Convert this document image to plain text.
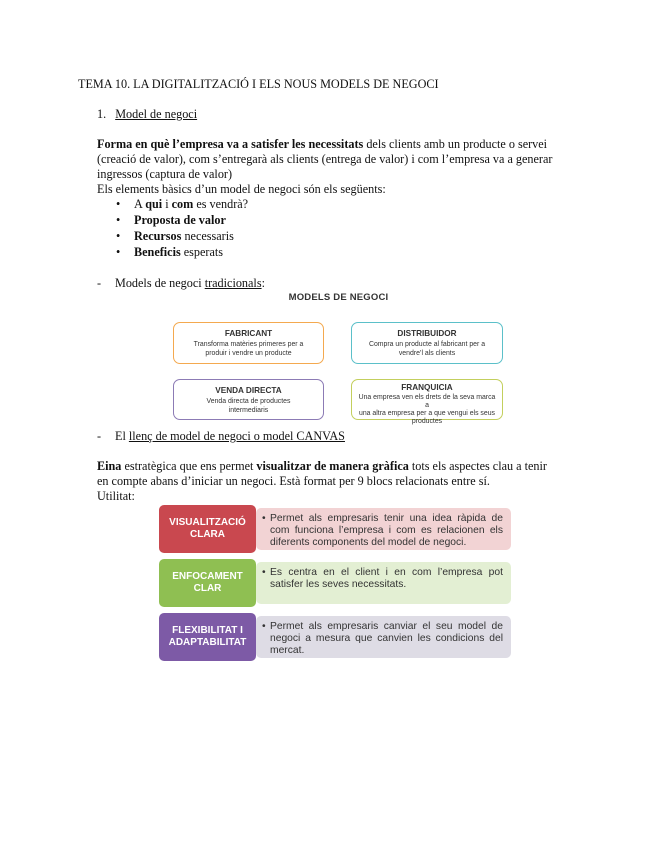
TEMA 10. LA DIGITALITZACIÓ I ELS NOUS MODELS DE NEGOCI
1. Model de negoci
Forma en què l’empresa va a satisfer les necessitats dels clients amb un producte o servei
(creació de valor), com s’entregarà als clients (entrega de valor) i com l’empresa va a generar
ingressos (captura de valor)
Els elements bàsics d’un model de negoci són els següents:
• A qui i com es vendrà?
• Proposta de valor
• Recursos necessaris
• Beneficis esperats
- Models de negoci tradicionals:
MODELS DE NEGOCI
FABRICANT
Transforma matèries primeres per a
produir i vendre un producte
DISTRIBUIDOR
Compra un producte al fabricant per a
vendre’l als clients
VENDA DIRECTA
Venda directa de productes
intermediaris
FRANQUICIA
Una empresa ven els drets de la seva marca a
una altra empresa per a que vengui els seus
productes
- El llenç de model de negoci o model CANVAS
Eina estratègica que ens permet visualitzar de manera gràfica tots els aspectes clau a tenir
en compte abans d’iniciar un negoci. Està format per 9 blocs relacionats entre sí.
Utilitat:
VISUALITZACIÓ
CLARA
• Permet als empresaris tenir una idea ràpida de com funciona l’empresa i com es relacionen els diferents components del model de negoci.
ENFOCAMENT
CLAR
• Es centra en el client i en com l’empresa pot satisfer les seves necessitats.
FLEXIBILITAT I
ADAPTABILITAT
• Permet als empresaris canviar el seu model de negoci a mesura que canvien les condicions del mercat.
